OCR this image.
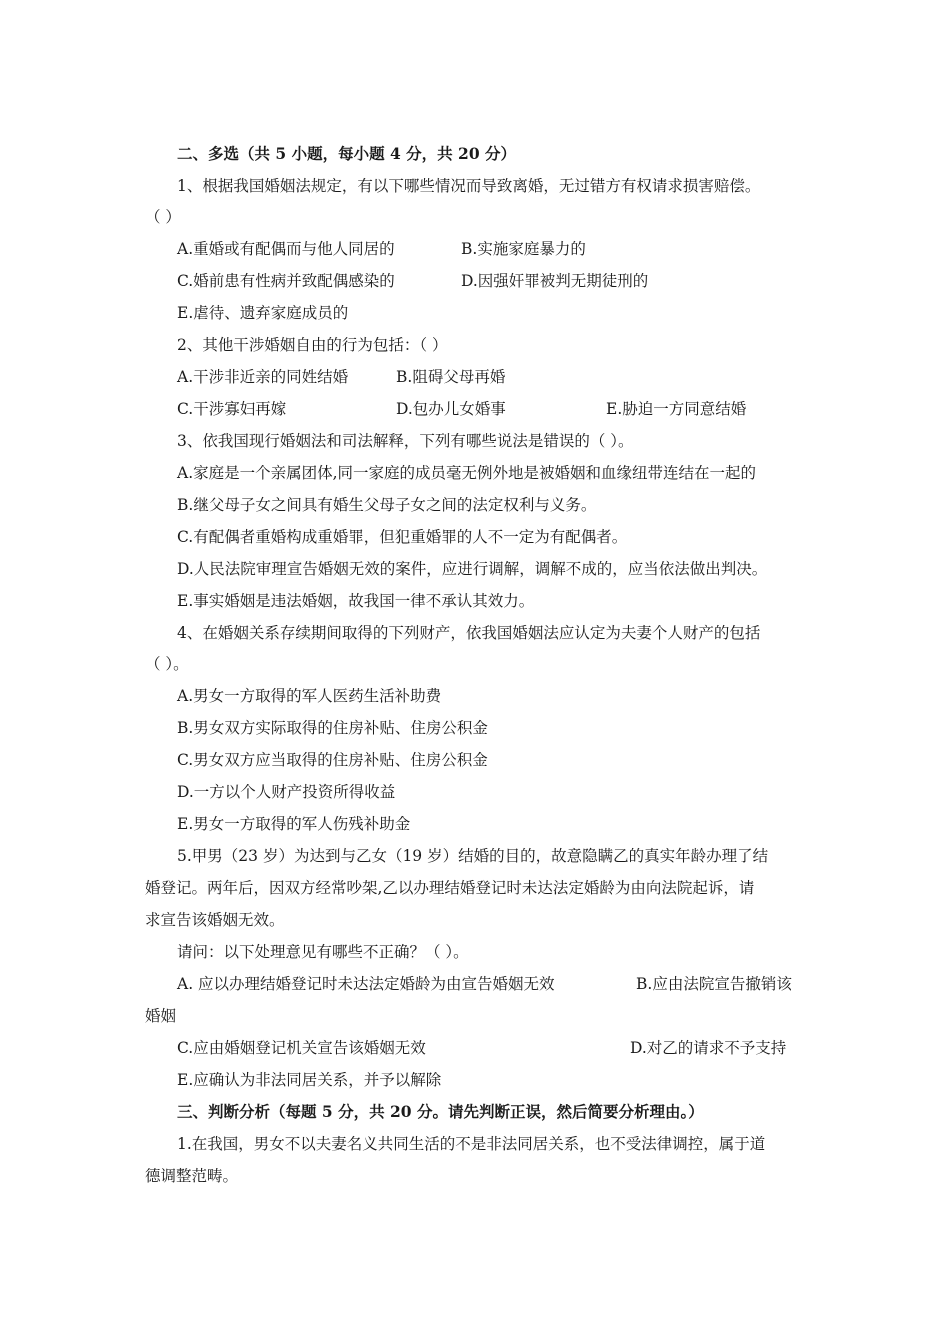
二、多选（共 5 小题，每小题 4 分，共 20 分）
1、根据我国婚姻法规定，有以下哪些情况而导致离婚，无过错方有权请求损害赔偿。
（ ）
A.重婚或有配偶而与他人同居的	B.实施家庭暴力的
C.婚前患有性病并致配偶感染的	D.因强奸罪被判无期徒刑的
E.虐待、遗弃家庭成员的
2、其他干涉婚姻自由的行为包括：（ ）
A.干涉非近亲的同姓结婚	B.阻碍父母再婚
C.干涉寡妇再嫁	D.包办儿女婚事	E.胁迫一方同意结婚
3、依我国现行婚姻法和司法解释，下列有哪些说法是错误的（ ）。
A.家庭是一个亲属团体,同一家庭的成员毫无例外地是被婚姻和血缘纽带连结在一起的
B.继父母子女之间具有婚生父母子女之间的法定权利与义务。
C.有配偶者重婚构成重婚罪，但犯重婚罪的人不一定为有配偶者。
D.人民法院审理宣告婚姻无效的案件，应进行调解，调解不成的，应当依法做出判决。
E.事实婚姻是违法婚姻，故我国一律不承认其效力。
4、在婚姻关系存续期间取得的下列财产，依我国婚姻法应认定为夫妻个人财产的包括
（ ）。
A.男女一方取得的军人医药生活补助费
B.男女双方实际取得的住房补贴、住房公积金
C.男女双方应当取得的住房补贴、住房公积金
D.一方以个人财产投资所得收益
E.男女一方取得的军人伤残补助金
5.甲男（23 岁）为达到与乙女（19 岁）结婚的目的，故意隐瞒乙的真实年龄办理了结
婚登记。两年后，因双方经常吵架,乙以办理结婚登记时未达法定婚龄为由向法院起诉，请
求宣告该婚姻无效。
请问：以下处理意见有哪些不正确？（ ）。
A. 应以办理结婚登记时未达法定婚龄为由宣告婚姻无效	B.应由法院宣告撤销该
婚姻
C.应由婚姻登记机关宣告该婚姻无效	D.对乙的请求不予支持
E.应确认为非法同居关系，并予以解除
三、判断分析（每题 5 分，共 20 分。请先判断正误，然后简要分析理由。）
1.在我国，男女不以夫妻名义共同生活的不是非法同居关系，也不受法律调控，属于道
德调整范畴。
